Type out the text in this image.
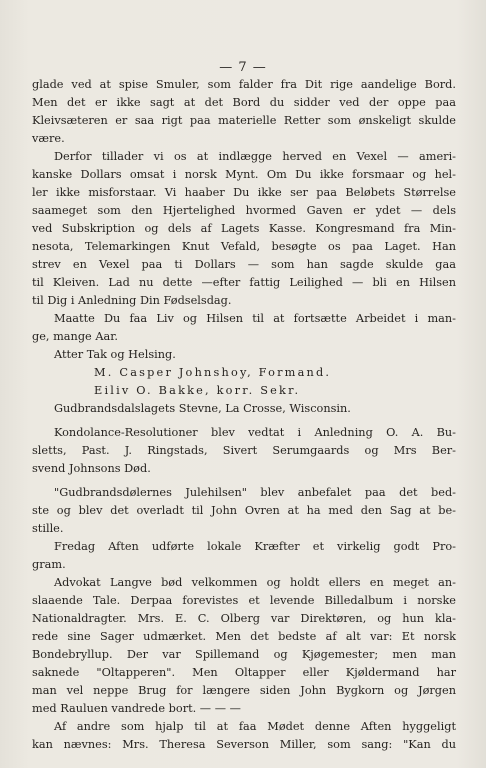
— 7 —
glade ved at spise Smuler, som falder fra Dit rige aandelige Bord.
Men det er ikke sagt at det Bord du sidder ved der oppe paa
Kleivsæteren er saa rigt paa materielle Retter som ønskeligt skulde
være.
Derfor tillader vi os at indlægge herved en Vexel — ameri-
kanske Dollars omsat i norsk Mynt. Om Du ikke forsmaar og hel-
ler ikke misforstaar. Vi haaber Du ikke ser paa Beløbets Størrelse
saameget som den Hjertelighed hvormed Gaven er ydet — dels
ved Subskription og dels af Lagets Kasse. Kongresmand fra Min-
nesota, Telemarkingen Knut Vefald, besøgte os paa Laget. Han
strev en Vexel paa ti Dollars — som han sagde skulde gaa
til Kleiven. Lad nu dette —efter fattig Leilighed — bli en Hilsen
til Dig i Anledning Din Fødselsdag.
Maatte Du faa Liv og Hilsen til at fortsætte Arbeidet i man-
ge, mange Aar.
Atter Tak og Helsing.
M. Casper Johnshoy, Formand.
Eiliv O. Bakke, korr. Sekr.
Gudbrandsdalslagets Stevne, La Crosse, Wisconsin.
Kondolance-Resolutioner blev vedtat i Anledning O. A. Bu-
sletts, Past. J. Ringstads, Sivert Serumgaards og Mrs Ber-
svend Johnsons Død.
"Gudbrandsdølernes Julehilsen" blev anbefalet paa det bed-
ste og blev det overladt til John Ovren at ha med den Sag at be-
stille.
Fredag Aften udførte lokale Kræfter et virkelig godt Pro-
gram.
Advokat Langve bød velkommen og holdt ellers en meget an-
slaaende Tale. Derpaa forevistes et levende Billedalbum i norske
Nationaldragter. Mrs. E. C. Olberg var Direktøren, og hun kla-
rede sine Sager udmærket. Men det bedste af alt var: Et norsk
Bondebryllup. Der var Spillemand og Kjøgemester; men man
saknede "Oltapperen". Men Oltapper eller Kjøldermand har
man vel neppe Brug for længere siden John Bygkorn og Jørgen
med Rauluen vandrede bort. — — —
Af andre som hjalp til at faa Mødet denne Aften hyggeligt
kan nævnes: Mrs. Theresa Severson Miller, som sang: "Kan du
